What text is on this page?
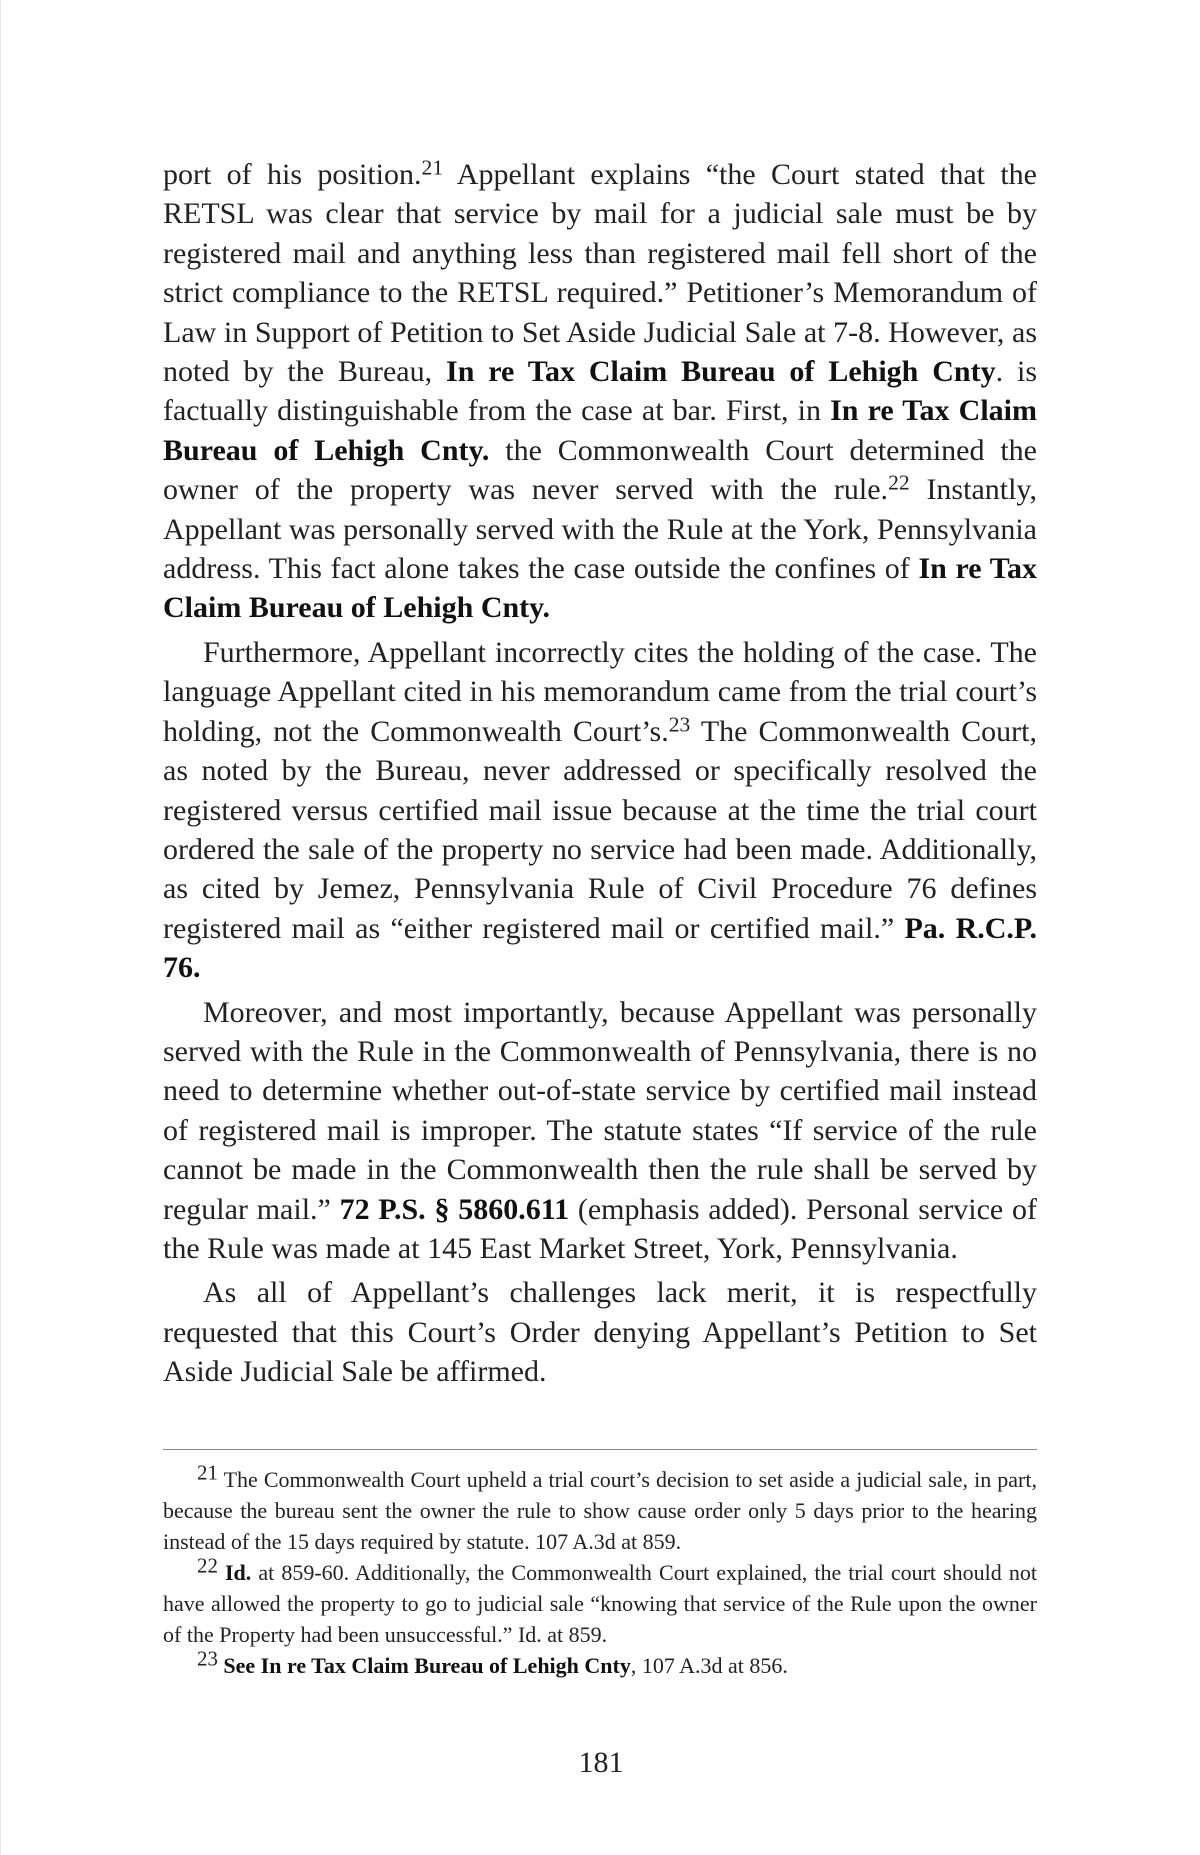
port of his position.$^{21}$ Appellant explains “the Court stated that the RETSL was clear that service by mail for a judicial sale must be by registered mail and anything less than registered mail fell short of the strict compliance to the RETSL required.” Petitioner’s Memorandum of Law in Support of Petition to Set Aside Judicial Sale at 7-8. However, as noted by the Bureau, In re Tax Claim Bureau of Lehigh Cnty. is factually distinguishable from the case at bar. First, in In re Tax Claim Bureau of Lehigh Cnty. the Commonwealth Court determined the owner of the property was never served with the rule.$^{22}$ Instantly, Appellant was personally served with the Rule at the York, Pennsylvania address. This fact alone takes the case outside the confines of In re Tax Claim Bureau of Lehigh Cnty.

Furthermore, Appellant incorrectly cites the holding of the case. The language Appellant cited in his memorandum came from the trial court’s holding, not the Commonwealth Court’s.$^{23}$ The Commonwealth Court, as noted by the Bureau, never addressed or specifically resolved the registered versus certified mail issue because at the time the trial court ordered the sale of the property no service had been made. Additionally, as cited by Jemez, Pennsylvania Rule of Civil Procedure 76 defines registered mail as “either registered mail or certified mail.” Pa. R.C.P. 76.

Moreover, and most importantly, because Appellant was personally served with the Rule in the Commonwealth of Pennsylvania, there is no need to determine whether out-of-state service by certified mail instead of registered mail is improper. The statute states “If service of the rule cannot be made in the Commonwealth then the rule shall be served by regular mail.” 72 P.S. § 5860.611 (emphasis added). Personal service of the Rule was made at 145 East Market Street, York, Pennsylvania.

As all of Appellant’s challenges lack merit, it is respectfully requested that this Court’s Order denying Appellant’s Petition to Set Aside Judicial Sale be affirmed.

$^{21}$ The Commonwealth Court upheld a trial court’s decision to set aside a judicial sale, in part, because the bureau sent the owner the rule to show cause order only 5 days prior to the hearing instead of the 15 days required by statute. 107 A.3d at 859.

$^{22}$ Id. at 859-60. Additionally, the Commonwealth Court explained, the trial court should not have allowed the property to go to judicial sale “knowing that service of the Rule upon the owner of the Property had been unsuccessful.” Id. at 859.

$^{23}$ See In re Tax Claim Bureau of Lehigh Cnty, 107 A.3d at 856.

181
